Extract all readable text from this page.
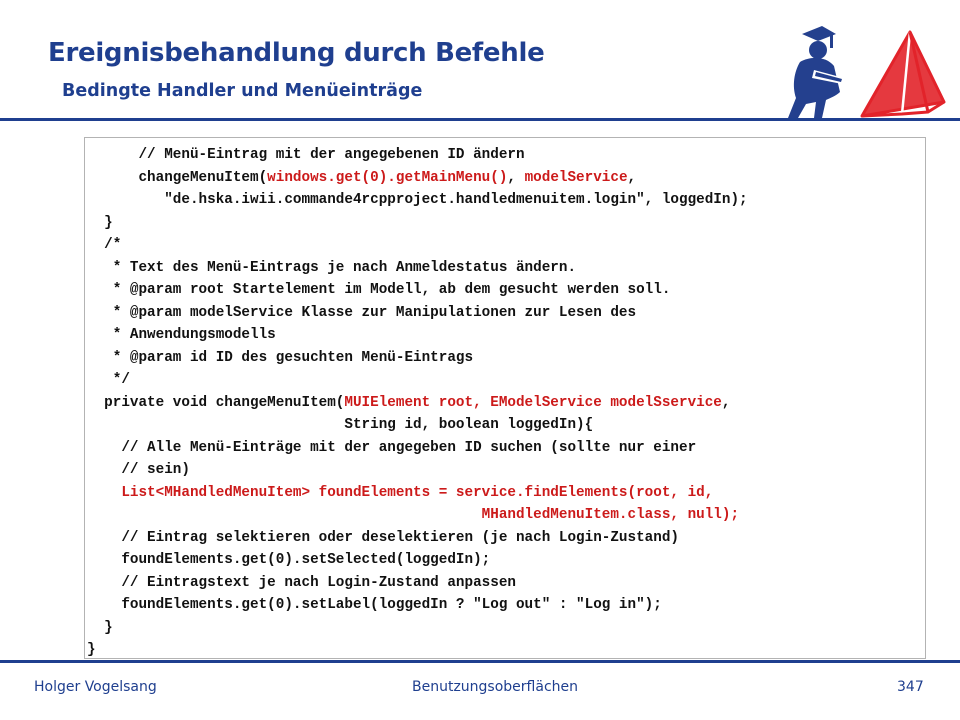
Ereignisbehandlung durch Befehle
Bedingte Handler und Menüeinträge
// Menü-Eintrag mit der angegebenen ID ändern
changeMenuItem(windows.get(0).getMainMenu(), modelService,
"de.hska.iwii.commande4rcpproject.handledmenuitem.login", loggedIn);
}
/*
* Text des Menü-Eintrags je nach Anmeldestatus ändern.
* @param root Startelement im Modell, ab dem gesucht werden soll.
* @param modelService Klasse zur Manipulationen zur Lesen des
* Anwendungsmodells
* @param id ID des gesuchten Menü-Eintrags
*/
private void changeMenuItem(MUIElement root, EModelService modelSservice,
String id, boolean loggedIn){
// Alle Menü-Einträge mit der angegeben ID suchen (sollte nur einer
// sein)
List<MHandledMenuItem> foundElements = service.findElements(root, id,
MHandledMenuItem.class, null);
// Eintrag selektieren oder deselektieren (je nach Login-Zustand)
foundElements.get(0).setSelected(loggedIn);
// Eintragstext je nach Login-Zustand anpassen
foundElements.get(0).setLabel(loggedIn ? "Log out" : "Log in");
}
}
Holger Vogelsang	Benutzungsoberflächen	347
